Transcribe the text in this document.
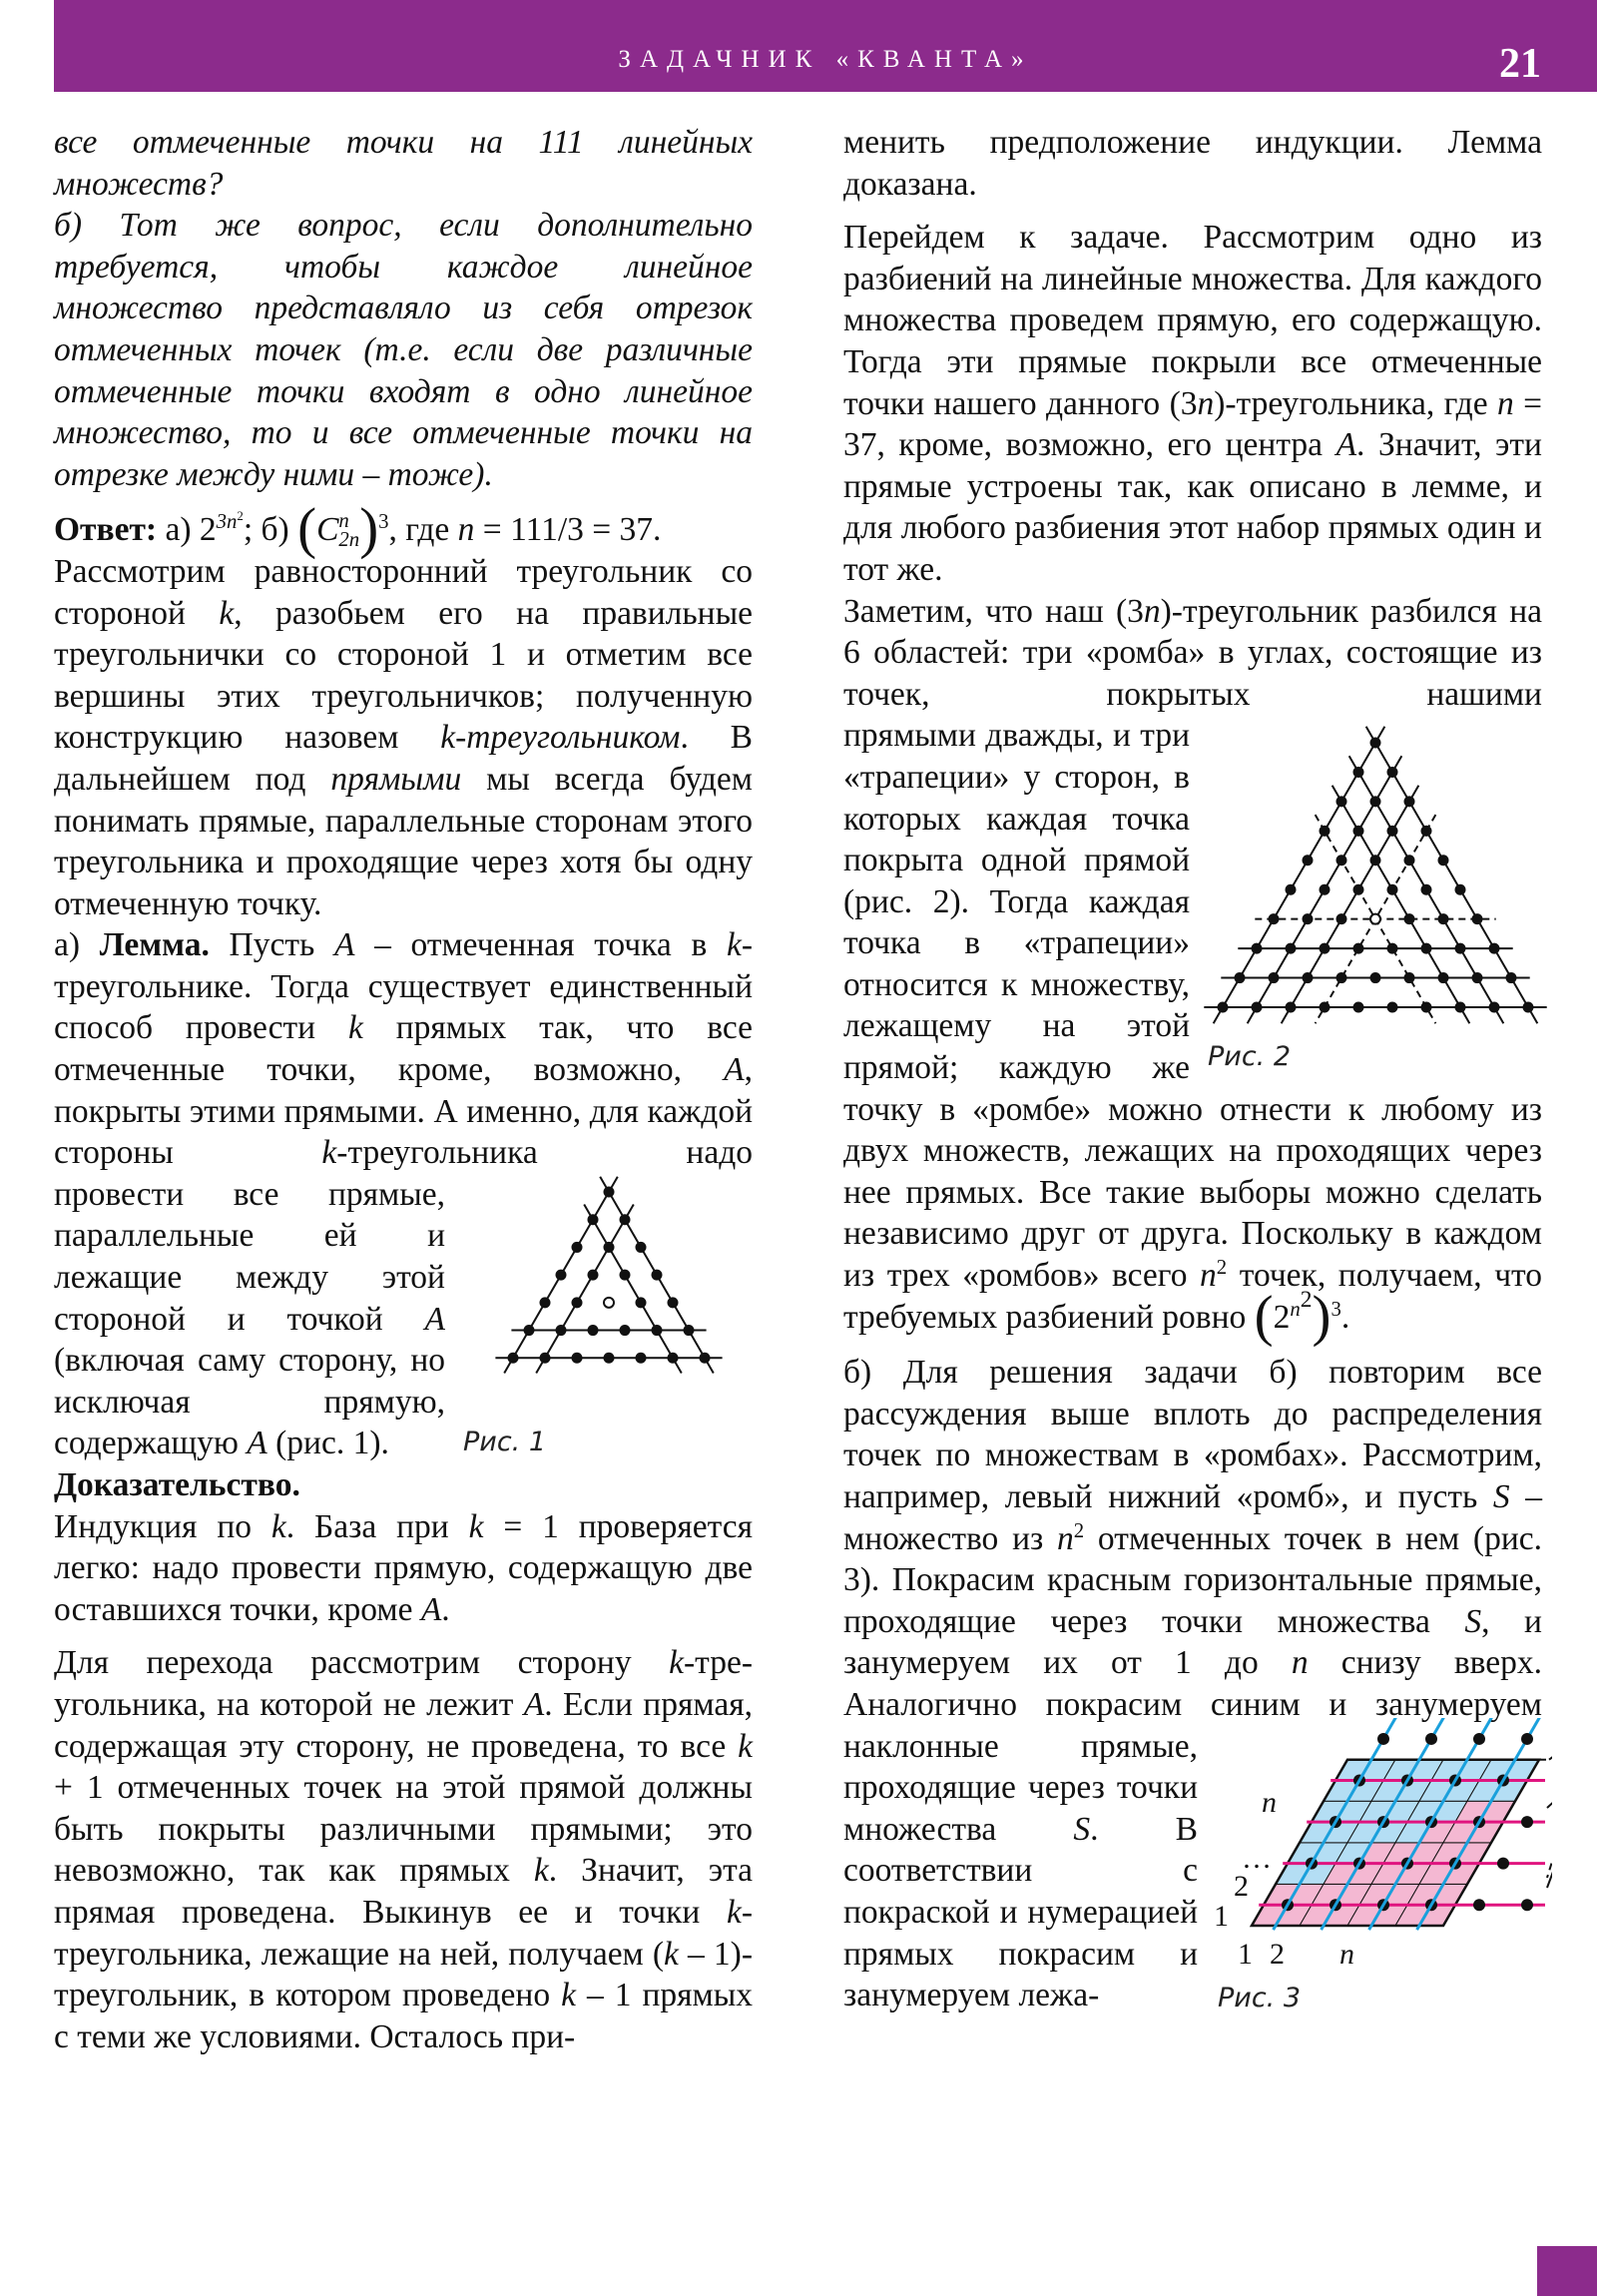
ЗАДАЧНИК «КВАНТА»	21

все отмеченные точки на 111 линейных множеств?

б) Тот же вопрос, если дополнительно требуется, чтобы каждое линейное множество представляло из себя отрезок отмеченных точек (т.е. если две различные отмеченные точки входят в одно линейное множество, то и все отмеченные точки на отрезке между ними – тоже).

Ответ: а) $2^{3n^2}$; б) (C n
2n )$^3$, где n = 111/3 = 37.

Рассмотрим равносторонний треугольник со стороной k, разобьем его на правильные треугольнички со стороной 1 и отметим все вершины этих треугольничков; полученную конструкцию назовем k-треугольником. В дальнейшем под прямыми мы всегда будем понимать прямые, параллельные сторонам этого треугольника и проходящие через хотя бы одну отмеченную точку.

а) Лемма. Пусть A – отмеченная точка в k-треугольнике. Тогда существует единственный способ провести k прямых так, что все отмеченные точки, кроме, возможно, A, покрыты этими прямыми. А именно, для каждой стороны k-треугольника надо

Рис. 1
провести все прямые, параллельные ей и лежащие между этой стороной и точкой A (включая саму сторону, но исключая прямую, содержащую A (рис. 1).

Доказательство. Индукция по k. База при k = 1 проверяется легко: надо провести прямую, содержащую две оставшихся точки, кроме A.

Для перехода рассмотрим сторону k-треугольника, на которой не лежит A. Если прямая, содержащая эту сторону, не проведена, то все k + 1 отмеченных точек на этой прямой должны быть покрыты различными прямыми; это невозможно, так как прямых k. Значит, эта прямая проведена. Выкинув ее и точки k-треугольника, лежащие на ней, получаем (k – 1)-треугольник, в котором проведено k – 1 прямых с теми же условиями. Осталось при-

менить предположение индукции. Лемма доказана.

Перейдем к задаче. Рассмотрим одно из разбиений на линейные множества. Для каждого множества проведем прямую, его содержащую. Тогда эти прямые покрыли все отмеченные точки нашего данного (3n)-треугольника, где n = 37, кроме, возможно, его центра A. Значит, эти прямые устроены так, как описано в лемме, и для любого разбиения этот набор прямых один и тот же.

Заметим, что наш (3n)-треугольник разбился на 6 областей: три «ромба» в углах, состоящие из точек, покрытых нашими

Рис. 2
прямыми дважды, и три «трапеции» у сторон, в которых каждая точка покрыта одной прямой (рис. 2). Тогда каждая точка в «трапеции» относится к множеству, лежащему на этой прямой; каждую же точку в «ромбе» можно отнести к любому из двух множеств, лежащих на проходящих через нее прямых. Все такие выборы можно сделать независимо друг от друга. Поскольку в каждом из трех «ромбов» всего $n^2$ точек, получаем, что требуемых разбиений ровно $(2^{n2})^3$.

б) Для решения задачи б) повторим все рассуждения выше вплоть до распределения точек по множествам в «ромбах». Рассмотрим, например, левый нижний «ромб», и пусть S – множество из $n^2$ отмеченных точек в нем (рис. 3). Покрасим красным горизонтальные прямые, проходящие через точки множества S, и занумеруем их от 1 до n снизу вверх. Аналогично покрасим синим и занумеруем

n
…
2
1
1 2 n
Рис. 3
наклонные прямые, проходящие через точки множества S. В соответствии с покраской и нумерацией прямых покрасим и занумеруем лежа-
